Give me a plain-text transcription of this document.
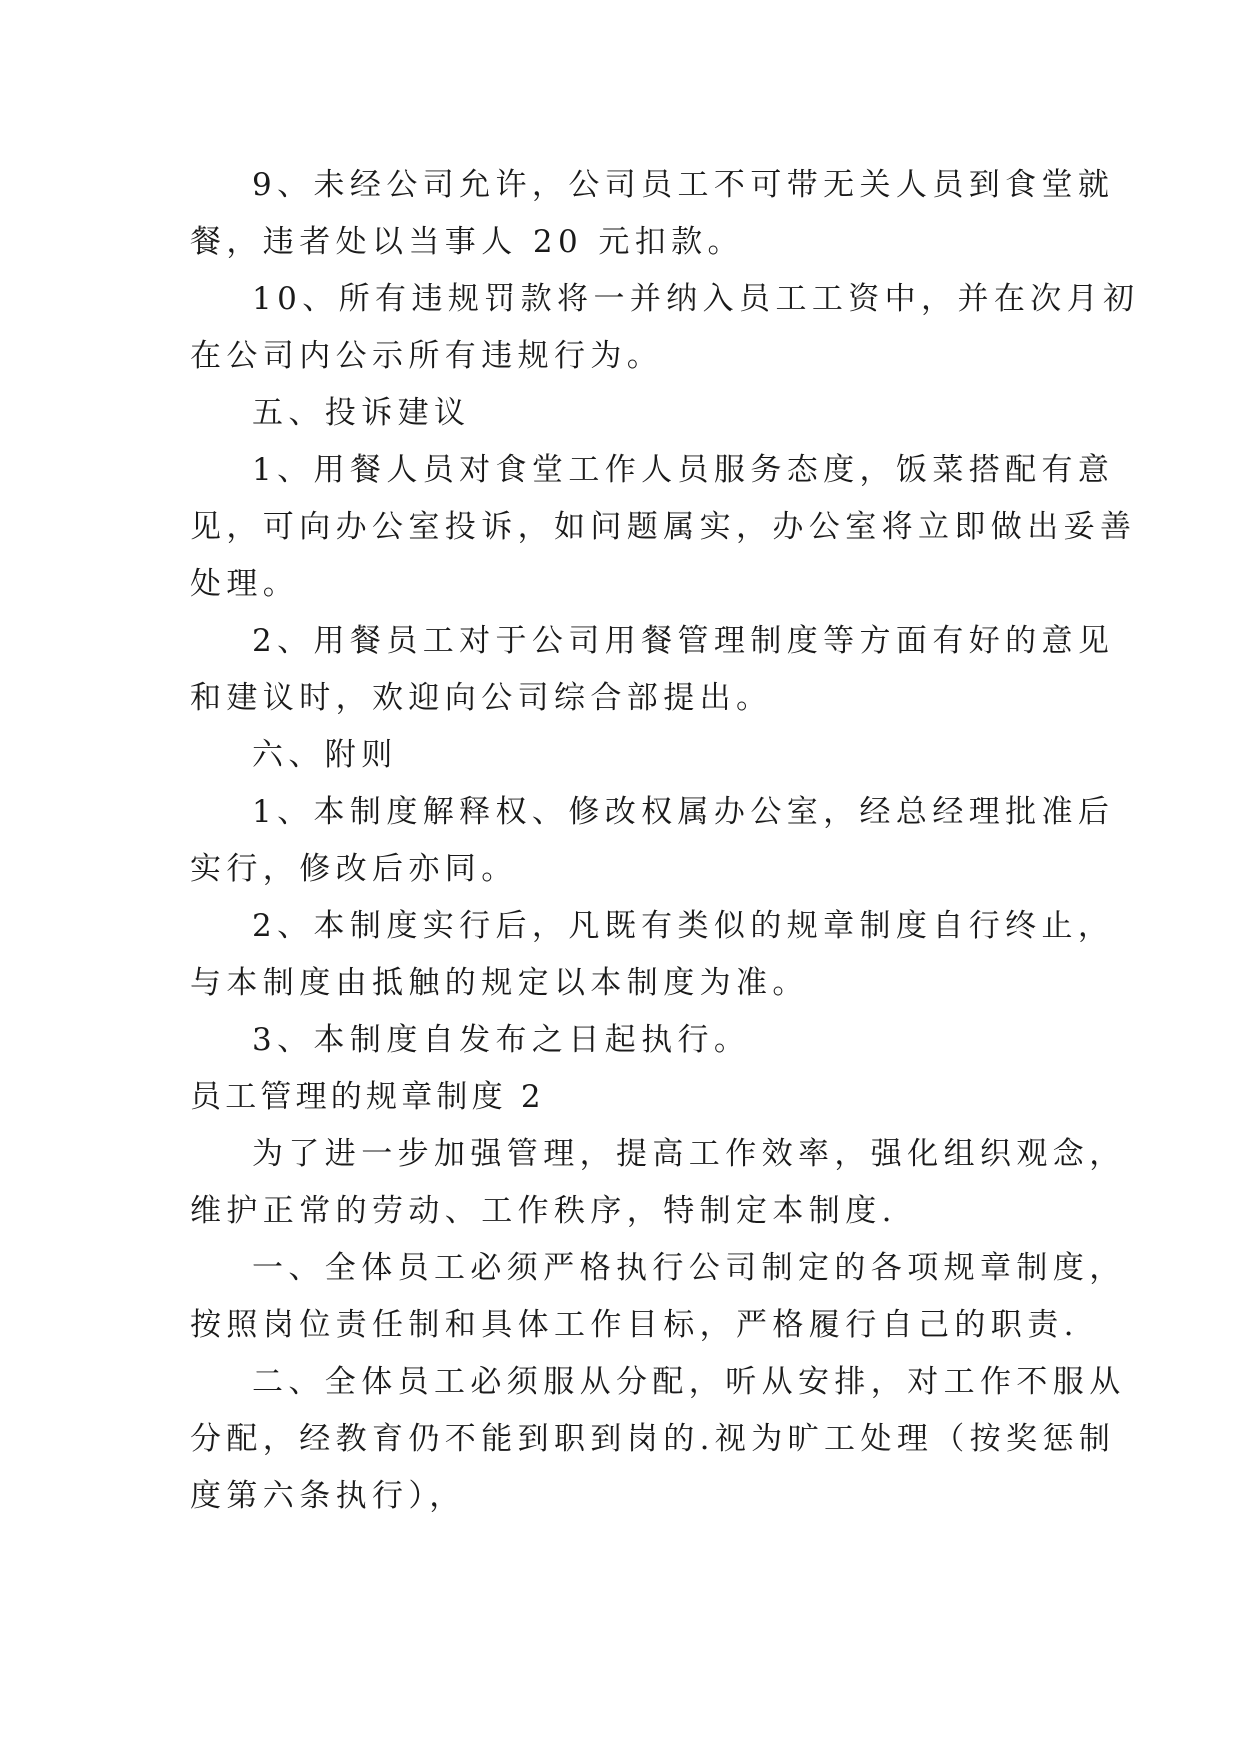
9、未经公司允许，公司员工不可带无关人员到食堂就
餐，违者处以当事人 20 元扣款。
10、所有违规罚款将一并纳入员工工资中，并在次月初
在公司内公示所有违规行为。
五、投诉建议
1、用餐人员对食堂工作人员服务态度，饭菜搭配有意
见，可向办公室投诉，如问题属实，办公室将立即做出妥善
处理。
2、用餐员工对于公司用餐管理制度等方面有好的意见
和建议时，欢迎向公司综合部提出。
六、附则
1、本制度解释权、修改权属办公室，经总经理批准后
实行，修改后亦同。
2、本制度实行后，凡既有类似的规章制度自行终止，
与本制度由抵触的规定以本制度为准。
3、本制度自发布之日起执行。
员工管理的规章制度 2
为了进一步加强管理，提高工作效率，强化组织观念，
维护正常的劳动、工作秩序，特制定本制度.
一、全体员工必须严格执行公司制定的各项规章制度，
按照岗位责任制和具体工作目标，严格履行自己的职责.
二、全体员工必须服从分配，听从安排，对工作不服从
分配，经教育仍不能到职到岗的.视为旷工处理（按奖惩制
度第六条执行），
